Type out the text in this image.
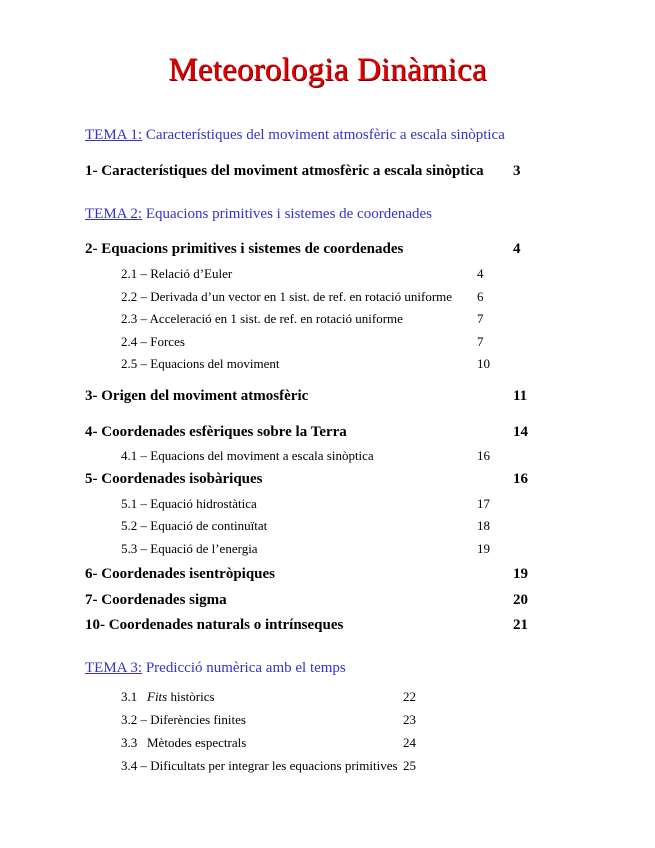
Meteorologia Dinàmica
TEMA 1: Característiques del moviment atmosfèric a escala sinòptica
1- Característiques del moviment atmosfèric a escala sinòptica 3
TEMA 2: Equacions primitives i sistemes de coordenades
2- Equacions primitives i sistemes de coordenades	4
2.1 – Relació d’Euler	4
2.2 – Derivada d’un vector en 1 sist. de ref. en rotació uniforme 6
2.3 – Acceleració en 1 sist. de ref. en rotació uniforme	7
2.4 – Forces	7
2.5 – Equacions del moviment	10
3- Origen del moviment atmosfèric	11
4- Coordenades esfèriques sobre la Terra	14
4.1 – Equacions del moviment a escala sinòptica	16
5- Coordenades isobàriques	16
5.1 – Equació hidrostàtica	17
5.2 – Equació de continuïtat	18
5.3 – Equació de l’energia	19
6- Coordenades isentròpiques	19
7- Coordenades sigma	20
10- Coordenades naturals o intrínseques	21
TEMA 3: Predicció numèrica amb el temps
3.1 Fits històrics	22
3.2 – Diferències finites	23
3.3 Mètodes espectrals	24
3.4 – Dificultats per integrar les equacions primitives 25
